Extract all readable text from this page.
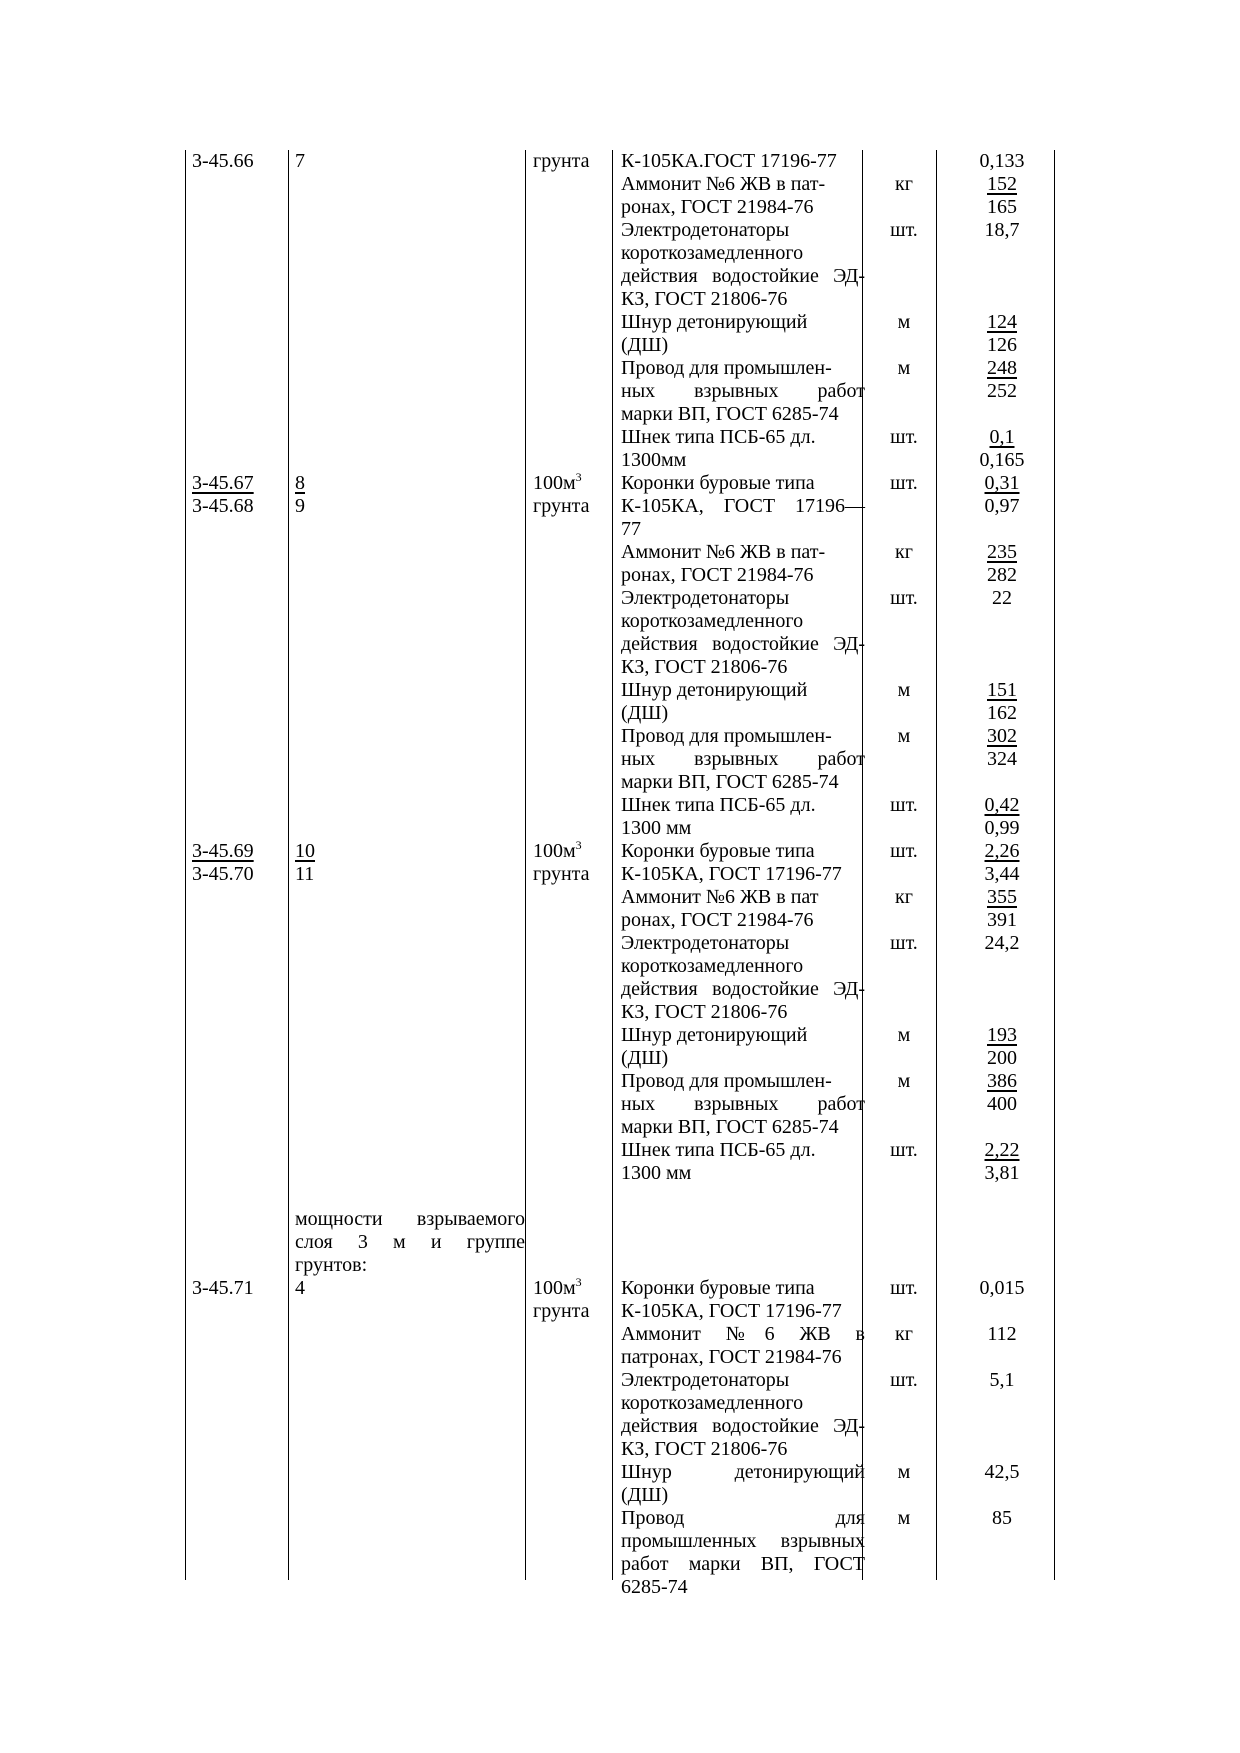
3-45.66
3-45.67
3-45.68
3-45.69
3-45.70
3-45.71
7
8
9
10
11
4
кг
шт.
м
м
шт.
шт.
кг
шт.
м
м
шт.
шт.
кг
шт.
м
м
шт.
шт.
кг
шт.
м
м
0,133
152
165
18,7
124
126
248
252
0,1
0,165
0,31
0,97
235
282
22
151
162
302
324
0,42
0,99
2,26
3,44
355
391
24,2
193
200
386
400
2,22
3,81
0,015
112
5,1
42,5
85
мощности взрываемого
слоя 3 м и группе
грунтов:
К-105КА.ГОСТ 17196-77
Аммонит №6 ЖВ в пат-
ронах, ГОСТ 21984-76
Электродетонаторы
короткозамедленного
действия водостойкие ЭД-
КЗ, ГОСТ 21806-76
Шнур детонирующий
(ДШ)
Провод для промышлен-
ных взрывных работ
марки ВП, ГОСТ 6285-74
Шнек типа ПСБ-65 дл.
1300мм
Коронки буровые типа
К-105КА, ГОСТ 17196—
77
Аммонит №6 ЖВ в пат-
ронах, ГОСТ 21984-76
Электродетонаторы
короткозамедленного
действия водостойкие ЭД-
КЗ, ГОСТ 21806-76
Шнур детонирующий
(ДШ)
Провод для промышлен-
ных взрывных работ
марки ВП, ГОСТ 6285-74
Шнек типа ПСБ-65 дл.
1300 мм
Коронки буровые типа
К-105КА, ГОСТ 17196-77
Аммонит №6 ЖВ в пат
ронах, ГОСТ 21984-76
Электродетонаторы
короткозамедленного
действия водостойкие ЭД-
КЗ, ГОСТ 21806-76
Шнур детонирующий
(ДШ)
Провод для промышлен-
ных взрывных работ
марки ВП, ГОСТ 6285-74
Шнек типа ПСБ-65 дл.
1300 мм
Коронки буровые типа
К-105КА, ГОСТ 17196-77
Аммонит №6 ЖВ в
патронах, ГОСТ 21984-76
Электродетонаторы
короткозамедленного
действия водостойкие ЭД-
КЗ, ГОСТ 21806-76
Шнур детонирующий
(ДШ)
Провод для
промышленных взрывных
работ марки ВП, ГОСТ
6285-74
грунта
$100м^3$
грунта
$100м^3$
грунта
$100м^3$
грунта
